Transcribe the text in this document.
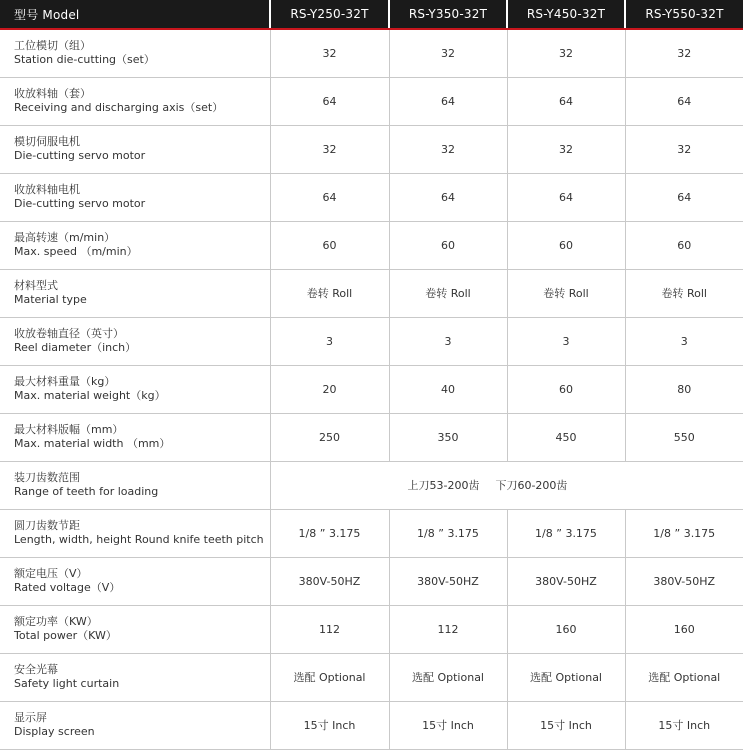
型号 Model	RS-Y250-32T	RS-Y350-32T	RS-Y450-32T	RS-Y550-32T

工位模切（组）
Station die-cutting（set）	32	32	32	32

收放料轴（套）
Receiving and discharging axis（set）	64	64	64	64

模切伺服电机
Die-cutting servo motor	32	32	32	32

收放料轴电机
Die-cutting servo motor	64	64	64	64

最高转速（m/min）
Max. speed （m/min）	60	60	60	60

材料型式
Material type	卷转 Roll	卷转 Roll	卷转 Roll	卷转 Roll

收放卷轴直径（英寸）
Reel diameter（inch）	3	3	3	3

最大材料重量（kg）
Max. material weight（kg）	20	40	60	80

最大材料版幅（mm）
Max. material width （mm）	250	350	450	550

装刀齿数范围
Range of teeth for loading	上刀53-200齿 下刀60-200齿			

圆刀齿数节距
Length, width, height Round knife teeth pitch	1/8 ” 3.175	1/8 ” 3.175	1/8 ” 3.175	1/8 ” 3.175

额定电压（V）
Rated voltage（V）	380V-50HZ	380V-50HZ	380V-50HZ	380V-50HZ

额定功率（KW）
Total power（KW）	112	112	160	160

安全光幕
Safety light curtain	选配 Optional	选配 Optional	选配 Optional	选配 Optional

显示屏
Display screen	15寸 Inch	15寸 Inch	15寸 Inch	15寸 Inch
